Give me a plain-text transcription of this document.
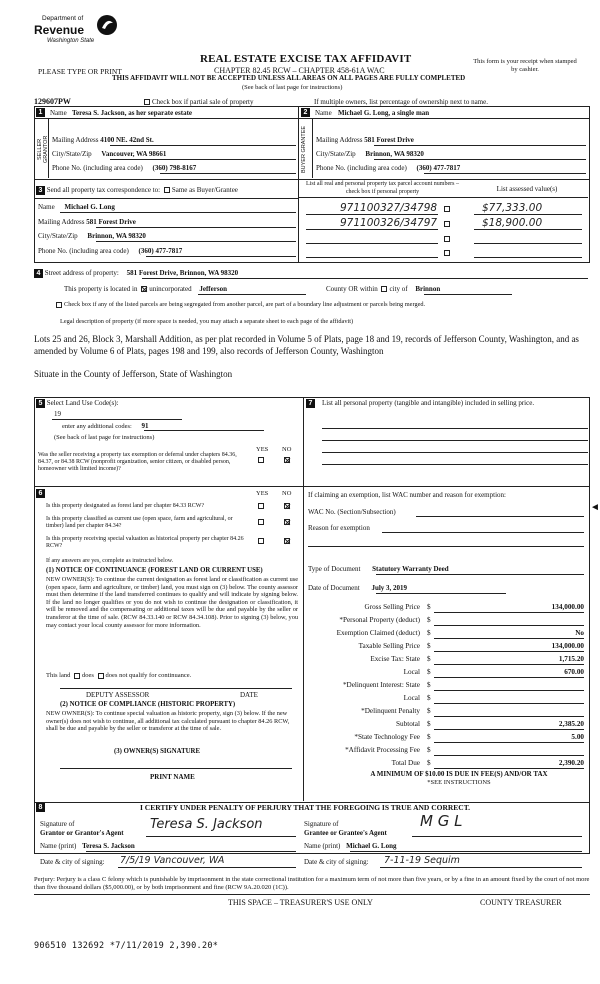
Department of
Revenue
Washington State
REAL ESTATE EXCISE TAX AFFIDAVIT
PLEASE TYPE OR PRINT	CHAPTER 82.45 RCW – CHAPTER 458-61A WAC
This form is your receipt when stamped by cashier.
THIS AFFIDAVIT WILL NOT BE ACCEPTED UNLESS ALL AREAS ON ALL PAGES ARE FULLY COMPLETED
(See back of last page for instructions)
129607PW	Check box if partial sale of property	If multiple owners, list percentage of ownership next to name.
1	Name Teresa S. Jackson, as her separate estate
SELLER GRANTOR Mailing Address 4100 NE. 42nd St.
City/State/Zip Vancouver, WA 98661
Phone No. (including area code) (360) 798-8167
2	Name Michael G. Long, a single man
BUYER GRANTEE Mailing Address 581 Forest Drive
City/State/Zip Brinnon, WA 98320
Phone No. (including area code) (360) 477-7817
3 Send all property tax correspondence to: Same as Buyer/Grantee
Name Michael G. Long
Mailing Address 581 Forest Drive
City/State/Zip Brinnon, WA 98320
Phone No. (including area code) (360) 477-7817
List all real and personal property tax parcel account numbers – check box if personal property	List assessed value(s)
971100327/34798	$77,333.00
971100326/34797	$18,900.00
4 Street address of property: 581 Forest Drive, Brinnon, WA 98320
This property is located in unincorporated Jefferson	County OR within city of Brinnon
Check box if any of the listed parcels are being segregated from another parcel, are part of a boundary line adjustment or parcels being merged.
Legal description of property (if more space is needed, you may attach a separate sheet to each page of the affidavit)
Lots 25 and 26, Block 3, Marshall Addition, as per plat recorded in Volume 5 of Plats, page 18 and 19, records of Jefferson County, Washington, and as amended by Volume 6 of Plats, pages 198 and 199, also records of Jefferson County, Washington
Situate in the County of Jefferson, State of Washington
5 Select Land Use Code(s):
19
enter any additional codes: 91
(See back of last page for instructions)
YES NO
Was the seller receiving a property tax exemption or deferral under chapters 84.36, 84.37, or 84.38 RCW (nonprofit organization, senior citizen, or disabled person, homeowner with limited income)?
6	YES NO
Is this property designated as forest land per chapter 84.33 RCW?
Is this property classified as current use (open space, farm and agricultural, or timber) land per chapter 84.34?
Is this property receiving special valuation as historical property per chapter 84.26 RCW?
If any answers are yes, complete as instructed below.
(1) NOTICE OF CONTINUANCE (FOREST LAND OR CURRENT USE)
NEW OWNER(S): To continue the current designation as forest land or classification as current use (open space, farm and agriculture, or timber) land, you must sign on (3) below. The county assessor must then determine if the land transferred continues to qualify and will indicate by signing below. If the land no longer qualifies or you do not wish to continue the designation or classification, it will be removed and the compensating or additional taxes will be due and payable by the seller or transferor at the time of sale. (RCW 84.33.140 or RCW 84.34.108). Prior to signing (3) below, you may contact your local county assessor for more information.
This land does does not qualify for continuance.
DEPUTY ASSESSOR	DATE
(2) NOTICE OF COMPLIANCE (HISTORIC PROPERTY)
NEW OWNER(S): To continue special valuation as historic property, sign (3) below. If the new owner(s) does not wish to continue, all additional tax calculated pursuant to chapter 84.26 RCW, shall be due and payable by the seller or transferor at the time of sale.
(3) OWNER(S) SIGNATURE
PRINT NAME
7	List all personal property (tangible and intangible) included in selling price.
If claiming an exemption, list WAC number and reason for exemption:
WAC No. (Section/Subsection)
Reason for exemption
Type of Document Statutory Warranty Deed
Date of Document July 3, 2019
Gross Selling Price $	134,000.00
*Personal Property (deduct) $
Exemption Claimed (deduct) $	No
Taxable Selling Price $	134,000.00
Excise Tax: State $	1,715.20
Local $	670.00
*Delinquent Interest: State $
Local $
*Delinquent Penalty $
Subtotal $	2,385.20
*State Technology Fee $	5.00
*Affidavit Processing Fee $
Total Due $	2,390.20
A MINIMUM OF $10.00 IS DUE IN FEE(S) AND/OR TAX
*SEE INSTRUCTIONS
◄
8	I CERTIFY UNDER PENALTY OF PERJURY THAT THE FOREGOING IS TRUE AND CORRECT.
Signature of
Grantor or Grantor's Agent
Teresa S. Jackson	Signature of
Grantee or Grantee's Agent
M G L
Name (print) Teresa S. Jackson	Name (print) Michael G. Long
Date & city of signing: 7/5/19 Vancouver, WA	Date & city of signing: 7-11-19 Sequim
Perjury: Perjury is a class C felony which is punishable by imprisonment in the state correctional institution for a maximum term of not more than five years, or by a fine in an amount fixed by the court of not more than five thousand dollars ($5,000.00), or by both imprisonment and fine (RCW 9A.20.020 (1C)).
THIS SPACE – TREASURER'S USE ONLY	COUNTY TREASURER
906510 132692 *7/11/2019 2,390.20*
